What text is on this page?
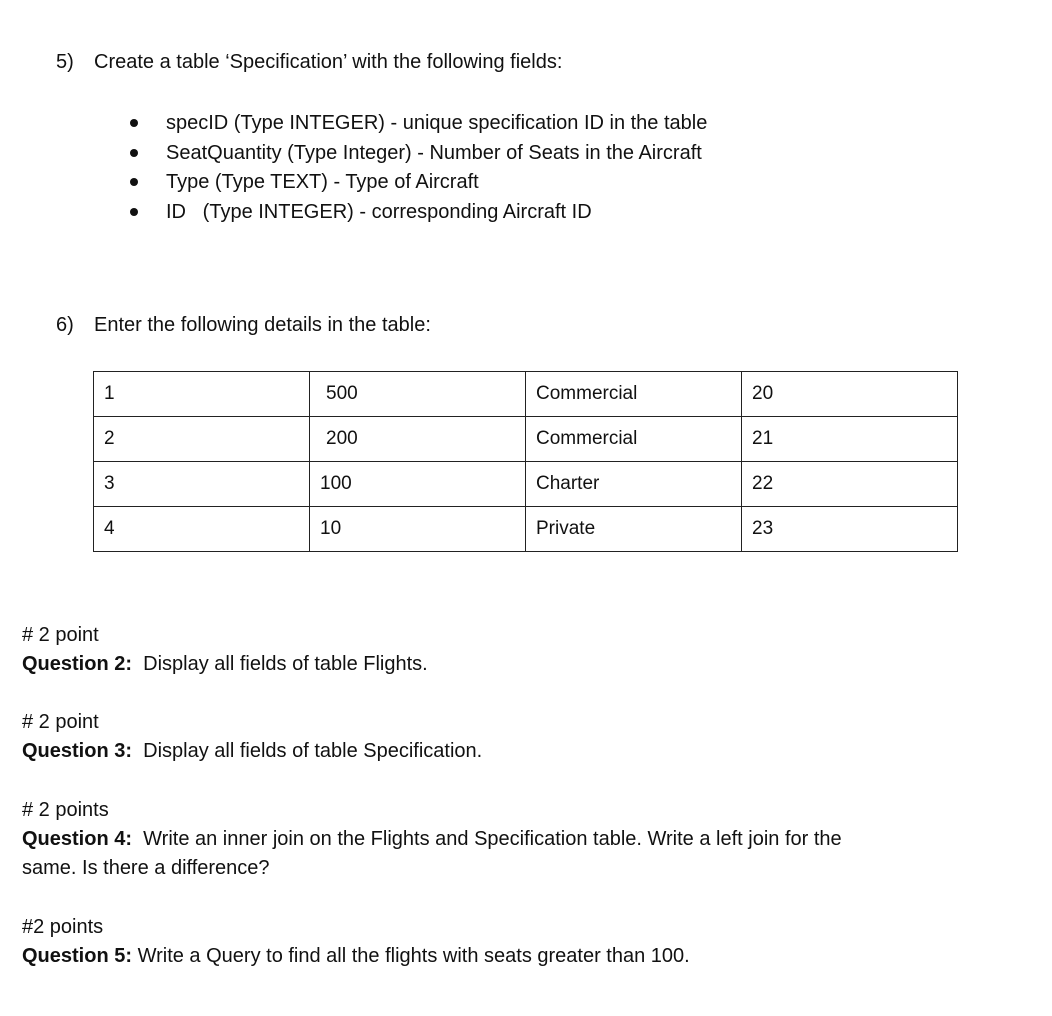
5) Create a table ‘Specification’ with the following fields:
specID (Type INTEGER) - unique specification ID in the table
SeatQuantity (Type Integer) - Number of Seats in the Aircraft
Type (Type TEXT) - Type of Aircraft
ID   (Type INTEGER) - corresponding Aircraft ID
6) Enter the following details in the table:
1	500	Commercial	20
2	200	Commercial	21
3	100	Charter	22
4	10	Private	23
# 2 point
Question 2: Display all fields of table Flights.
# 2 point
Question 3: Display all fields of table Specification.
# 2 points
Question 4: Write an inner join on the Flights and Specification table. Write a left join for the
same. Is there a difference?
#2 points
Question 5: Write a Query to find all the flights with seats greater than 100.
